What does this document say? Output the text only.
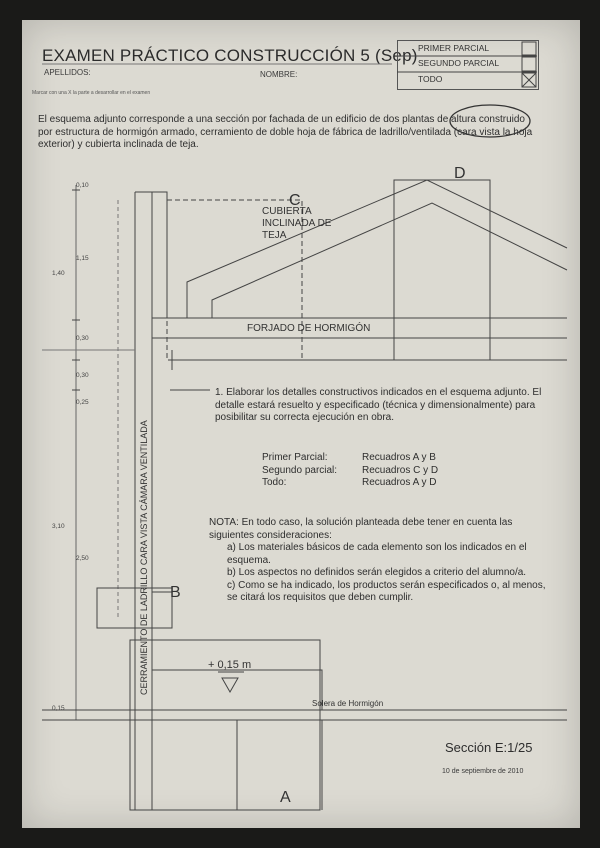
EXAMEN PRÁCTICO CONSTRUCCIÓN 5 (Sep)
APELLIDOS:	NOMBRE:
Marcar con una X la parte a desarrollar en el examen
PRIMER PARCIAL
SEGUNDO PARCIAL
TODO
El esquema adjunto corresponde a una sección por fachada de un edificio de dos plantas de altura construido por estructura de hormigón armado, cerramiento de doble hoja de fábrica de ladrillo/ventilada (cara vista la hoja exterior) y cubierta inclinada de teja.
CUBIERTA
INCLINADA DE
TEJA
FORJADO DE HORMIGÓN
Solera de Hormigón
+ 0,15 m
CERRAMIENTO DE LADRILLO CARA VISTA CÁMARA VENTILADA
C
D
B
A
0,10
1,15
1,40
0,30
0,30
0,25
3,10
2,50
0,15
1. Elaborar los detalles constructivos indicados en el esquema adjunto. El detalle estará resuelto y especificado (técnica y dimensionalmente) para posibilitar su correcta ejecución en obra.
Primer Parcial:	Recuadros A y B
Segundo parcial:	Recuadros C y D
Todo:	Recuadros A y D
NOTA: En todo caso, la solución planteada debe tener en cuenta las siguientes consideraciones:
a) Los materiales básicos de cada elemento son los indicados en el esquema.
b) Los aspectos no definidos serán elegidos a criterio del alumno/a.
c) Como se ha indicado, los productos serán especificados o, al menos, se citará los requisitos que deben cumplir.
Sección E:1/25
10 de septiembre de 2010
